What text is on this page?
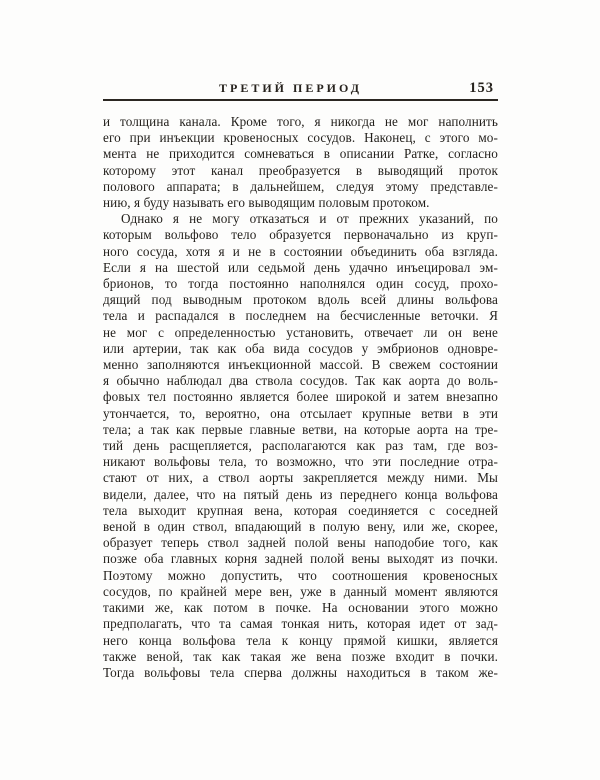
ТРЕТИЙ ПЕРИОД	153
и толщина канала. Кроме того, я никогда не мог наполнить
его при инъекции кровеносных сосудов. Наконец, с этого мо-
мента не приходится сомневаться в описании Ратке, согласно
которому этот канал преобразуется в выводящий проток
полового аппарата; в дальнейшем, следуя этому представле-
нию, я буду называть его выводящим половым протоком.
Однако я не могу отказаться и от прежних указаний, по
которым вольфово тело образуется первоначально из круп-
ного сосуда, хотя я и не в состоянии объединить оба взгляда.
Если я на шестой или седьмой день удачно инъецировал эм-
брионов, то тогда постоянно наполнялся один сосуд, прохо-
дящий под выводным протоком вдоль всей длины вольфова
тела и распадался в последнем на бесчисленные веточки. Я
не мог с определенностью установить, отвечает ли он вене
или артерии, так как оба вида сосудов у эмбрионов одновре-
менно заполняются инъекционной массой. В свежем состоянии
я обычно наблюдал два ствола сосудов. Так как аорта до воль-
фовых тел постоянно является более широкой и затем внезапно
утончается, то, вероятно, она отсылает крупные ветви в эти
тела; а так как первые главные ветви, на которые аорта на тре-
тий день расщепляется, располагаются как раз там, где воз-
никают вольфовы тела, то возможно, что эти последние отра-
стают от них, а ствол аорты закрепляется между ними. Мы
видели, далее, что на пятый день из переднего конца вольфова
тела выходит крупная вена, которая соединяется с соседней
веной в один ствол, впадающий в полую вену, или же, скорее,
образует теперь ствол задней полой вены наподобие того, как
позже оба главных корня задней полой вены выходят из почки.
Поэтому можно допустить, что соотношения кровеносных
сосудов, по крайней мере вен, уже в данный момент являются
такими же, как потом в почке. На основании этого можно
предполагать, что та самая тонкая нить, которая идет от зад-
него конца вольфова тела к концу прямой кишки, является
также веной, так как такая же вена позже входит в почки.
Тогда вольфовы тела сперва должны находиться в таком же-
